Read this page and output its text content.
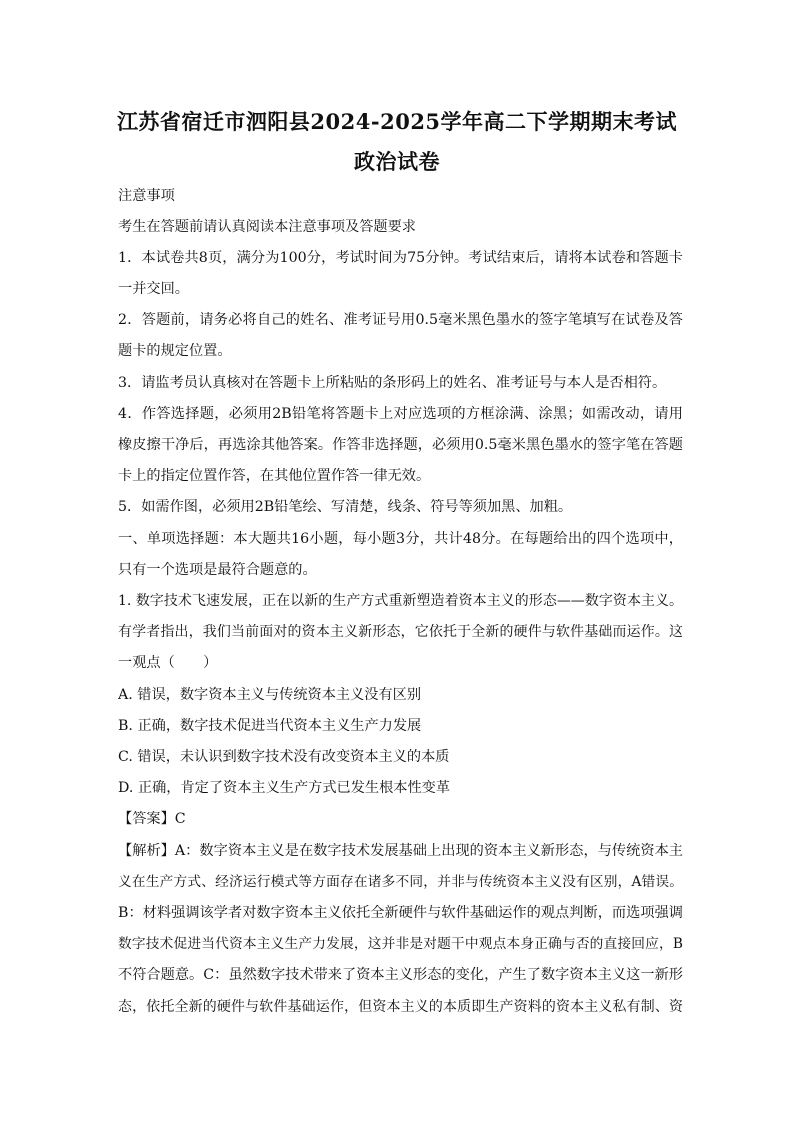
江苏省宿迁市泗阳县2024-2025学年高二下学期期末考试
政治试卷
注意事项
考生在答题前请认真阅读本注意事项及答题要求
1．本试卷共8页，满分为100分，考试时间为75分钟。考试结束后，请将本试卷和答题卡
一并交回。
2．答题前，请务必将自己的姓名、准考证号用0.5毫米黑色墨水的签字笔填写在试卷及答
题卡的规定位置。
3．请监考员认真核对在答题卡上所粘贴的条形码上的姓名、准考证号与本人是否相符。
4．作答选择题，必须用2B铅笔将答题卡上对应选项的方框涂满、涂黑；如需改动，请用
橡皮擦干净后，再选涂其他答案。作答非选择题，必须用0.5毫米黑色墨水的签字笔在答题
卡上的指定位置作答，在其他位置作答一律无效。
5．如需作图，必须用2B铅笔绘、写清楚，线条、符号等须加黑、加粗。
一、单项选择题：本大题共16小题，每小题3分，共计48分。在每题给出的四个选项中，
只有一个选项是最符合题意的。
1. 数字技术飞速发展，正在以新的生产方式重新塑造着资本主义的形态——数字资本主义。
有学者指出，我们当前面对的资本主义新形态，它依托于全新的硬件与软件基础而运作。这
一观点（　　）
A. 错误，数字资本主义与传统资本主义没有区别
B. 正确，数字技术促进当代资本主义生产力发展
C. 错误，未认识到数字技术没有改变资本主义的本质
D. 正确，肯定了资本主义生产方式已发生根本性变革
【答案】C
【解析】A：数字资本主义是在数字技术发展基础上出现的资本主义新形态，与传统资本主
义在生产方式、经济运行模式等方面存在诸多不同，并非与传统资本主义没有区别，A错误。
B：材料强调该学者对数字资本主义依托全新硬件与软件基础运作的观点判断，而选项强调
数字技术促进当代资本主义生产力发展，这并非是对题干中观点本身正确与否的直接回应，B
不符合题意。C：虽然数字技术带来了资本主义形态的变化，产生了数字资本主义这一新形
态，依托全新的硬件与软件基础运作，但资本主义的本质即生产资料的资本主义私有制、资
